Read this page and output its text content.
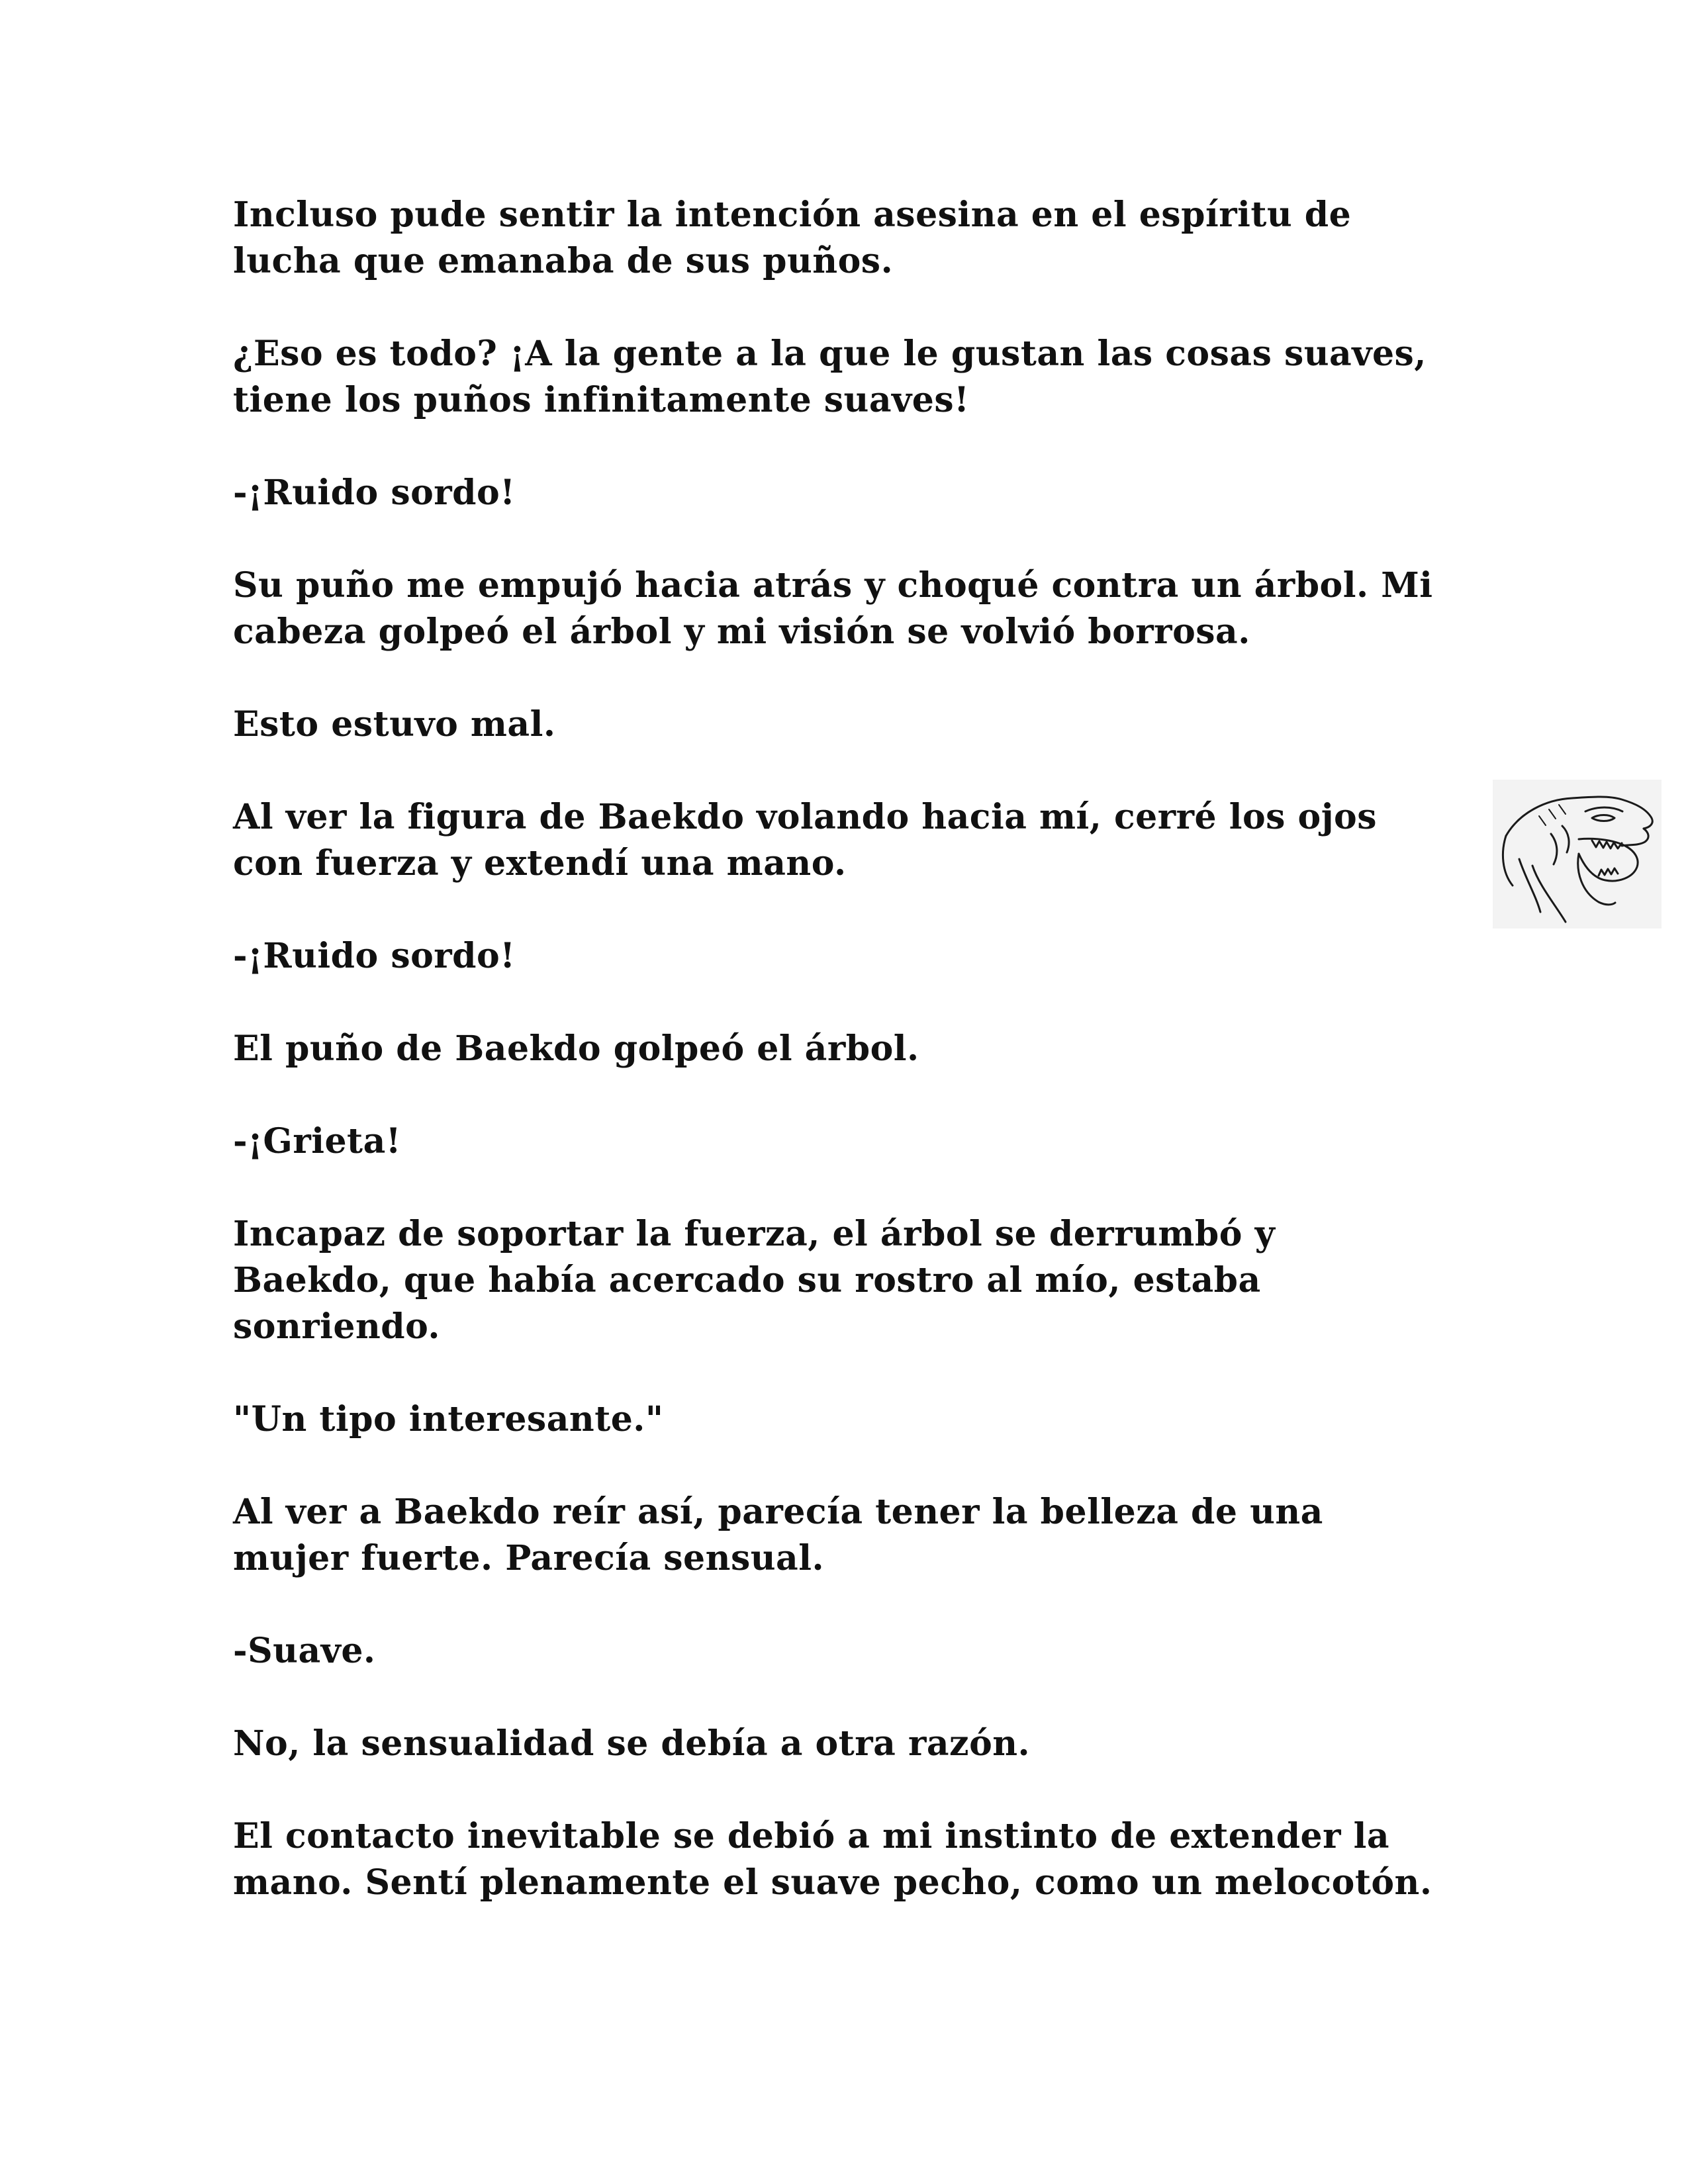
Incluso pude sentir la intención asesina en el espíritu de
lucha que emanaba de sus puños.

¿Eso es todo? ¡A la gente a la que le gustan las cosas suaves,
tiene los puños infinitamente suaves!

-¡Ruido sordo!

Su puño me empujó hacia atrás y choqué contra un árbol. Mi
cabeza golpeó el árbol y mi visión se volvió borrosa.

Esto estuvo mal.

Al ver la figura de Baekdo volando hacia mí, cerré los ojos
con fuerza y extendí una mano.

-¡Ruido sordo!

El puño de Baekdo golpeó el árbol.

-¡Grieta!

Incapaz de soportar la fuerza, el árbol se derrumbó y
Baekdo, que había acercado su rostro al mío, estaba
sonriendo.

"Un tipo interesante."

Al ver a Baekdo reír así, parecía tener la belleza de una
mujer fuerte. Parecía sensual.

-Suave.

No, la sensualidad se debía a otra razón.

El contacto inevitable se debió a mi instinto de extender la
mano. Sentí plenamente el suave pecho, como un melocotón.
